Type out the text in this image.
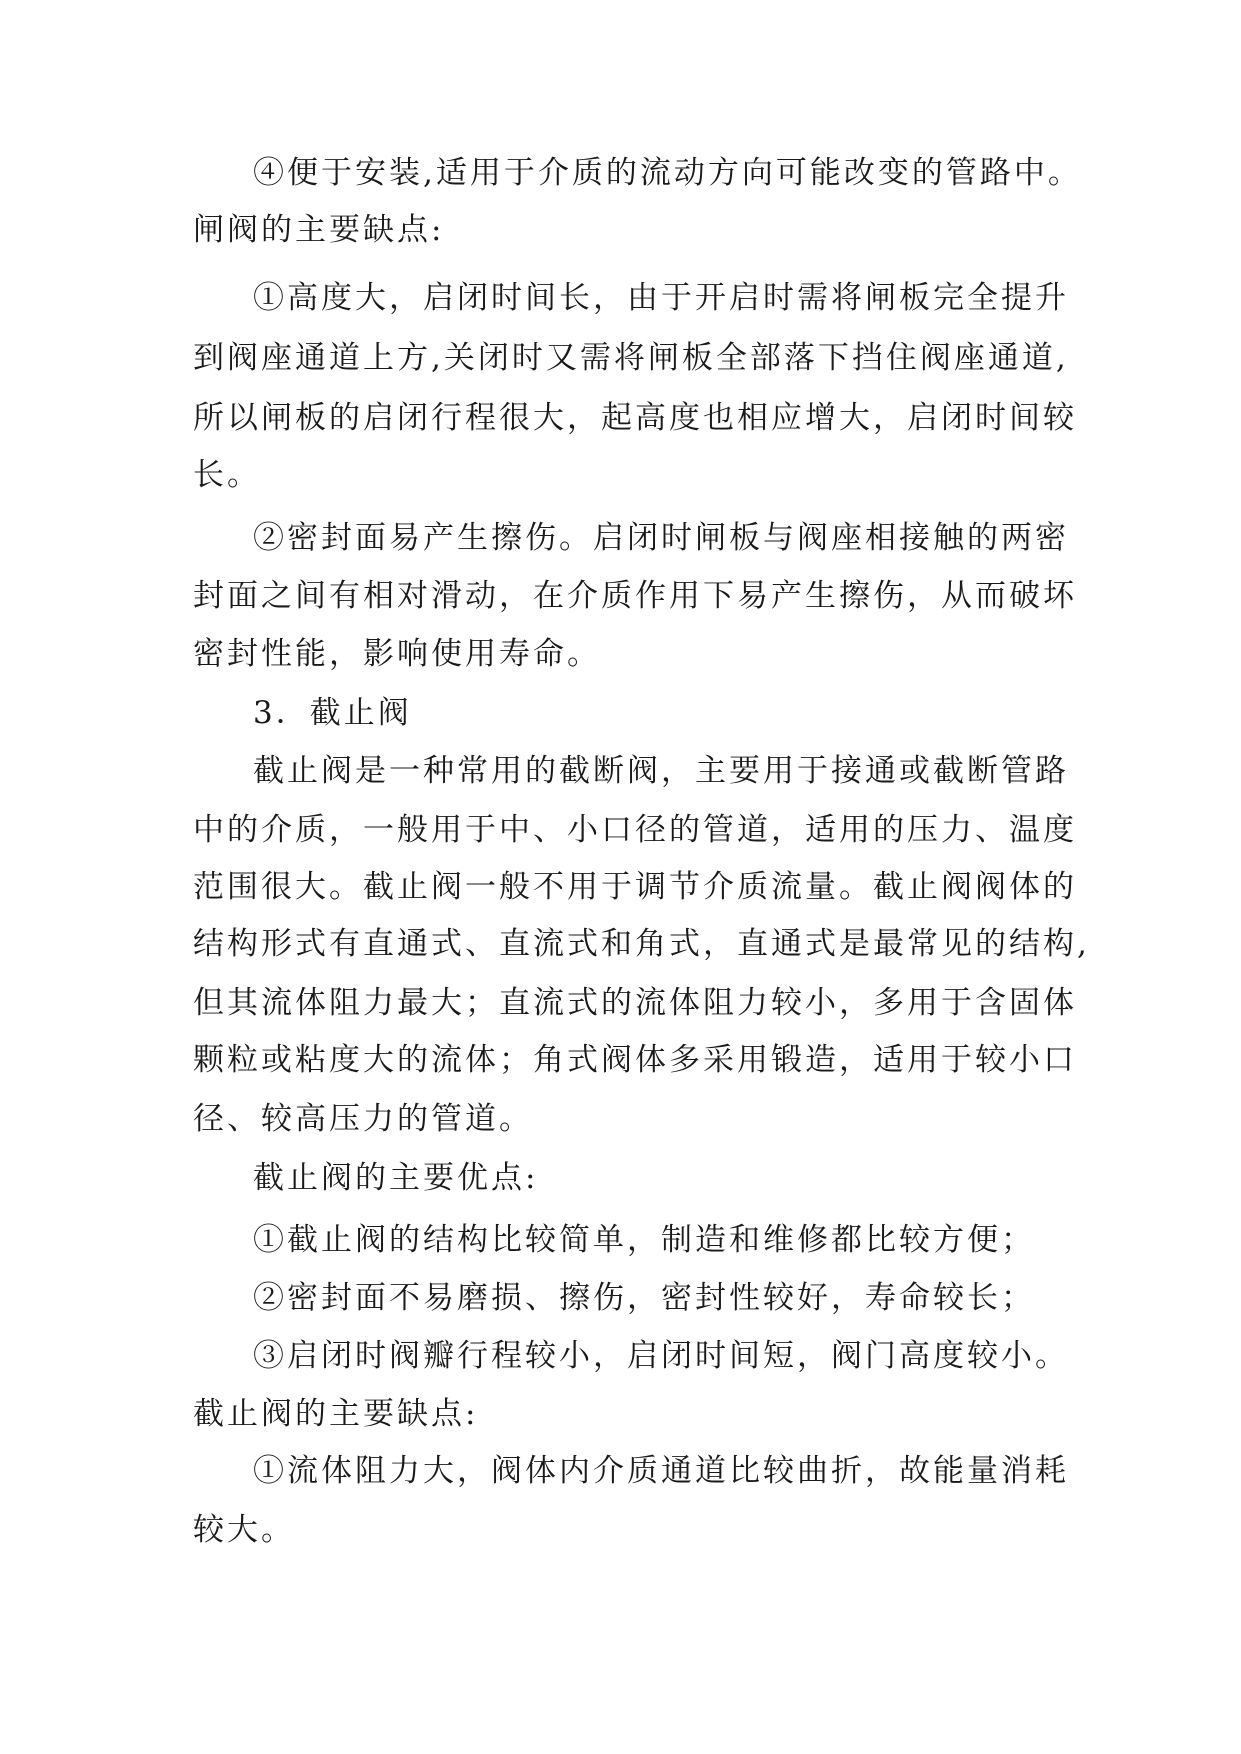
④便于安装,适用于介质的流动方向可能改变的管路中。

闸阀的主要缺点:

①高度大，启闭时间长，由于开启时需将闸板完全提升

到阀座通道上方,关闭时又需将闸板全部落下挡住阀座通道,

所以闸板的启闭行程很大，起高度也相应增大，启闭时间较

长。

②密封面易产生擦伤。启闭时闸板与阀座相接触的两密

封面之间有相对滑动，在介质作用下易产生擦伤，从而破坏

密封性能，影响使用寿命。

3．截止阀

截止阀是一种常用的截断阀，主要用于接通或截断管路

中的介质，一般用于中、小口径的管道，适用的压力、温度

范围很大。截止阀一般不用于调节介质流量。截止阀阀体的

结构形式有直通式、直流式和角式，直通式是最常见的结构,

但其流体阻力最大；直流式的流体阻力较小，多用于含固体

颗粒或粘度大的流体；角式阀体多采用锻造，适用于较小口

径、较高压力的管道。

截止阀的主要优点:

①截止阀的结构比较简单，制造和维修都比较方便；

②密封面不易磨损、擦伤，密封性较好，寿命较长；

③启闭时阀瓣行程较小，启闭时间短，阀门高度较小。

截止阀的主要缺点:

①流体阻力大，阀体内介质通道比较曲折，故能量消耗

较大。
